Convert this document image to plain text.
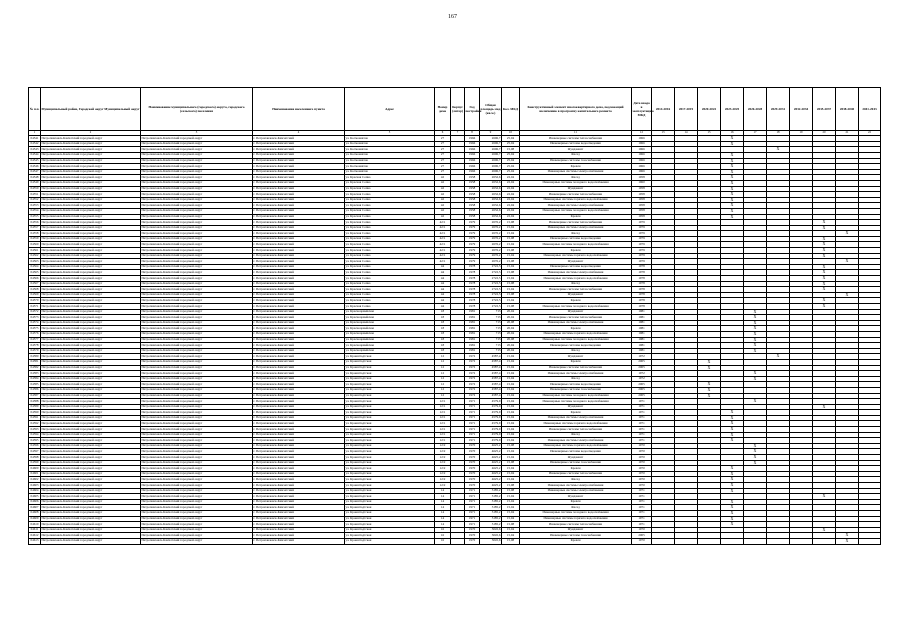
167
№ п.п.	Муниципальный район, Городской округ Муниципальный округ	Наименование муниципального (городского) округа, городского (сельского) поселения	Наименование населенного пункта	Адрес	Номер дома	Корпус (литер)	Год постройки	Общая площадь мкд (кв.м.)	Кол. МКД	Конструктивный элемент многоквартирного дома, подлежащий включению в программу капитального ремонта	Дата ввода в эксплуатацию МКД	2014-2016	2017-2019	2020-2022	2023-2025	2026-2028	2029-2031	2032-2034	2035-2037	2038-2040	2041-2043
1	2	3	4	5	6	7	8	9	10	11	12	13	14	15	16	17	18	19	20	21	22
04541	Петропавловск-Камчатский городской округ	Петропавловск-Камчатский городской округ	г. Петропавловск-Камчатский	ул. Космонавтов	27		1966	2606,7	25,04	Инженерные системы теплоснабжения	1966				X						
04542	Петропавловск-Камчатский городской округ	Петропавловск-Камчатский городской округ	г. Петропавловск-Камчатский	ул. Космонавтов	27		1966	2606,7	25,04	Инженерные системы водоотведения	1966				X						
04543	Петропавловск-Камчатский городской округ	Петропавловск-Камчатский городской округ	г. Петропавловск-Камчатский	ул. Космонавтов	27		1966	2606,7	15,08	Фундамент	1966						X				
04544	Петропавловск-Камчатский городской округ	Петропавловск-Камчатский городской округ	г. Петропавловск-Камчатский	ул. Космонавтов	27		1966	2606,7	25,04	Фасад	1966				X						
04545	Петропавловск-Камчатский городской округ	Петропавловск-Камчатский городской округ	г. Петропавловск-Камчатский	ул. Космонавтов	27		1966	2606,7	25,04	Инженерные системы газоснабжения	1966				X						
04546	Петропавловск-Камчатский городской округ	Петропавловск-Камчатский городской округ	г. Петропавловск-Камчатский	ул. Космонавтов	27		1966	2606,7	25,04	Кровля	1966				X						
04547	Петропавловск-Камчатский городской округ	Петропавловск-Камчатский городской округ	г. Петропавловск-Камчатский	ул. Космонавтов	27		1966	2606,7	25,04	Инженерные системы электроснабжения	1966				X						
04548	Петропавловск-Камчатский городской округ	Петропавловск-Камчатский городской округ	г. Петропавловск-Камчатский	ул. Красная Сопка	42		1958	2632,6	22,04	Фасад	1958				X						
04549	Петропавловск-Камчатский городской округ	Петропавловск-Камчатский городской округ	г. Петропавловск-Камчатский	ул. Красная Сопка	42		1958	2632,6	22,04	Инженерные системы холодного водоснабжения	1960				X						
04550	Петропавловск-Камчатский городской округ	Петропавловск-Камчатский городской округ	г. Петропавловск-Камчатский	ул. Красная Сопка	42		1958	2632,6	22,04	Фундамент	1958				X						
04551	Петропавловск-Камчатский городской округ	Петропавловск-Камчатский городской округ	г. Петропавловск-Камчатский	ул. Красная Сопка	42		1958	2632,6	22,04	Инженерные системы теплоснабжения	1958				X						
04552	Петропавловск-Камчатский городской округ	Петропавловск-Камчатский городской округ	г. Петропавловск-Камчатский	ул. Красная Сопка	42		1958	2632,6	22,04	Инженерные системы горячего водоснабжения	1958				X						
04553	Петропавловск-Камчатский городской округ	Петропавловск-Камчатский городской округ	г. Петропавловск-Камчатский	ул. Красная Сопка	42		1958	2632,6	22,04	Инженерные системы электроснабжения	1958				X						
04554	Петропавловск-Камчатский городской округ	Петропавловск-Камчатский городской округ	г. Петропавловск-Камчатский	ул. Красная Сопка	42		1958	2632,6	22,04	Инженерные системы холодного водоснабжения	1958				X						
04555	Петропавловск-Камчатский городской округ	Петропавловск-Камчатский городской округ	г. Петропавловск-Камчатский	ул. Красная Сопка	42		1958	2632,6	22,04	Кровля	1958				X						
04556	Петропавловск-Камчатский городской округ	Петропавловск-Камчатский городской округ	г. Петропавловск-Камчатский	ул. Красная Сопка	42/1		1979	2676,2	15,08	Инженерные системы теплоснабжения	1979								X		
04557	Петропавловск-Камчатский городской округ	Петропавловск-Камчатский городской округ	г. Петропавловск-Камчатский	ул. Красная Сопка	42/1		1979	2676,2	15,04	Инженерные системы электроснабжения	1979								X		
04558	Петропавловск-Камчатский городской округ	Петропавловск-Камчатский городской округ	г. Петропавловск-Камчатский	ул. Красная Сопка	42/1		1979	2676,2	15,04	Фасад	1979									X	
04559	Петропавловск-Камчатский городской округ	Петропавловск-Камчатский городской округ	г. Петропавловск-Камчатский	ул. Красная Сопка	42/1		1979	2676,2	15,08	Инженерные системы водоотведения	1979								X		
04560	Петропавловск-Камчатский городской округ	Петропавловск-Камчатский городской округ	г. Петропавловск-Камчатский	ул. Красная Сопка	42/1		1979	2676,2	15,04	Инженерные системы холодного водоснабжения	1979								X		
04561	Петропавловск-Камчатский городской округ	Петропавловск-Камчатский городской округ	г. Петропавловск-Камчатский	ул. Красная Сопка	42/1		1979	2676,2	15,08	Кровля	1979								X		
04562	Петропавловск-Камчатский городской округ	Петропавловск-Камчатский городской округ	г. Петропавловск-Камчатский	ул. Красная Сопка	42/1		1979	2676,2	15,04	Инженерные системы горячего водоснабжения	1979								X		
04563	Петропавловск-Камчатский городской округ	Петропавловск-Камчатский городской округ	г. Петропавловск-Камчатский	ул. Красная Сопка	42/1		1979	2676,2	15,08	Фундамент	1979									X	
04564	Петропавловск-Камчатский городской округ	Петропавловск-Камчатский городской округ	г. Петропавловск-Камчатский	ул. Красная Сопка	44		1978	2722,5	15,04	Инженерные системы водоотведения	1978								X		
04565	Петропавловск-Камчатский городской округ	Петропавловск-Камчатский городской округ	г. Петропавловск-Камчатский	ул. Красная Сопка	44		1978	2722,5	15,08	Инженерные системы электроснабжения	1978								X		
04566	Петропавловск-Камчатский городской округ	Петропавловск-Камчатский городской округ	г. Петропавловск-Камчатский	ул. Красная Сопка	44		1978	2722,5	15,04	Инженерные системы горячего водоснабжения	1978								X		
04567	Петропавловск-Камчатский городской округ	Петропавловск-Камчатский городской округ	г. Петропавловск-Камчатский	ул. Красная Сопка	44		1978	2722,5	15,08	Фасад	1978								X		
04568	Петропавловск-Камчатский городской округ	Петропавловск-Камчатский городской округ	г. Петропавловск-Камчатский	ул. Красная Сопка	44		1978	2722,5	15,04	Инженерные системы теплоснабжения	1978								X		
04569	Петропавловск-Камчатский городской округ	Петропавловск-Камчатский городской округ	г. Петропавловск-Камчатский	ул. Красная Сопка	44		1978	2722,5	15,08	Фундамент	1978									X	
04570	Петропавловск-Камчатский городской округ	Петропавловск-Камчатский городской округ	г. Петропавловск-Камчатский	ул. Красная Сопка	44		1978	2722,5	15,04	Кровля	1978								X		
04571	Петропавловск-Камчатский городской округ	Петропавловск-Камчатский городской округ	г. Петропавловск-Камчатский	ул. Красная Сопка	44		1978	2722,5	15,08	Инженерные системы холодного водоснабжения	1978								X		
04572	Петропавловск-Камчатский городской округ	Петропавловск-Камчатский городской округ	г. Петропавловск-Камчатский	ул. Красноармейская	18		1981	713	20,04	Фундамент	1981					X					
04573	Петропавловск-Камчатский городской округ	Петропавловск-Камчатский городской округ	г. Петропавловск-Камчатский	ул. Красноармейская	18		1981	713	20,04	Инженерные системы теплоснабжения	1981					X					
04574	Петропавловск-Камчатский городской округ	Петропавловск-Камчатский городской округ	г. Петропавловск-Камчатский	ул. Красноармейская	18		1981	713	20,08	Инженерные системы электроснабжения	1981					X					
04575	Петропавловск-Камчатский городской округ	Петропавловск-Камчатский городской округ	г. Петропавловск-Камчатский	ул. Красноармейская	18		1981	713	20,04	Кровля	1981					X					
04576	Петропавловск-Камчатский городской округ	Петропавловск-Камчатский городской округ	г. Петропавловск-Камчатский	ул. Красноармейская	18		1981	713	20,04	Инженерные системы горячего водоснабжения	1981					X					
04577	Петропавловск-Камчатский городской округ	Петропавловск-Камчатский городской округ	г. Петропавловск-Камчатский	ул. Красноармейская	18		1981	713	20,08	Инженерные системы холодного водоснабжения	1981					X					
04578	Петропавловск-Камчатский городской округ	Петропавловск-Камчатский городской округ	г. Петропавловск-Камчатский	ул. Красноармейская	18		1981	713	20,04	Инженерные системы водоотведения	1981					X					
04579	Петропавловск-Камчатский городской округ	Петропавловск-Камчатский городской округ	г. Петропавловск-Камчатский	ул. Красноармейская	18		1981	713	20,04	Фасад	1981					X					
04580	Петропавловск-Камчатский городской округ	Петропавловск-Камчатский городской округ	г. Петропавловск-Камчатский	ул. Кронштадтская	12		1972	4587,4	15,04	Фундамент	1972						X				
04581	Петропавловск-Камчатский городской округ	Петропавловск-Камчатский городской округ	г. Петропавловск-Камчатский	ул. Кронштадтская	12		1972	4587,4	15,04	Кровля	2005			X							
04582	Петропавловск-Камчатский городской округ	Петропавловск-Камчатский городской округ	г. Петропавловск-Камчатский	ул. Кронштадтская	12		1972	4587,4	15,04	Инженерные системы теплоснабжения	2005			X							
04583	Петропавловск-Камчатский городской округ	Петропавловск-Камчатский городской округ	г. Петропавловск-Камчатский	ул. Кронштадтская	12		1972	4587,4	15,04	Инженерные системы электроснабжения	1972					X					
04584	Петропавловск-Камчатский городской округ	Петропавловск-Камчатский городской округ	г. Петропавловск-Камчатский	ул. Кронштадтская	12		1972	4587,4	15,04	Фасад	1972					X					
04585	Петропавловск-Камчатский городской округ	Петропавловск-Камчатский городской округ	г. Петропавловск-Камчатский	ул. Кронштадтская	12		1972	4587,4	15,04	Инженерные системы водоотведения	2005			X							
04586	Петропавловск-Камчатский городской округ	Петропавловск-Камчатский городской округ	г. Петропавловск-Камчатский	ул. Кронштадтская	12		1972	4587,4	15,04	Инженерные системы газоснабжения	2005			X							
04587	Петропавловск-Камчатский городской округ	Петропавловск-Камчатский городской округ	г. Петропавловск-Камчатский	ул. Кронштадтская	12		1972	4587,4	15,04	Инженерные системы холодного водоснабжения	2005			X							
04588	Петропавловск-Камчатский городской округ	Петропавловск-Камчатский городской округ	г. Петропавловск-Камчатский	ул. Кронштадтская	12/1		1971	4579,9	15,04	Инженерные системы холодного водоснабжения	1971					X					
04589	Петропавловск-Камчатский городской округ	Петропавловск-Камчатский городской округ	г. Петропавловск-Камчатский	ул. Кронштадтская	12/1		1971	4579,9	15,04	Фундамент	1971								X		
04590	Петропавловск-Камчатский городской округ	Петропавловск-Камчатский городской округ	г. Петропавловск-Камчатский	ул. Кронштадтская	12/1		1971	4579,9	15,04	Кровля	1971				X						
04591	Петропавловск-Камчатский городской округ	Петропавловск-Камчатский городской округ	г. Петропавловск-Камчатский	ул. Кронштадтская	12/1		1971	4579,9	15,04	Инженерные системы электроснабжения	1971				X						
04592	Петропавловск-Камчатский городской округ	Петропавловск-Камчатский городской округ	г. Петропавловск-Камчатский	ул. Кронштадтская	12/1		1971	4579,9	15,04	Инженерные системы горячего водоснабжения	1971				X						
04593	Петропавловск-Камчатский городской округ	Петропавловск-Камчатский городской округ	г. Петропавловск-Камчатский	ул. Кронштадтская	12/1		1971	4579,9	15,04	Инженерные системы теплоснабжения	1971				X						
04594	Петропавловск-Камчатский городской округ	Петропавловск-Камчатский городской округ	г. Петропавловск-Камчатский	ул. Кронштадтская	12/1		1971	4579,9	15,04	Фасад	1971				X						
04595	Петропавловск-Камчатский городской округ	Петропавловск-Камчатский городской округ	г. Петропавловск-Камчатский	ул. Кронштадтская	12/1		1971	4579,9	15,04	Инженерные системы электроснабжения	1971				X						
04596	Петропавловск-Камчатский городской округ	Петропавловск-Камчатский городской округ	г. Петропавловск-Камчатский	ул. Кронштадтская	12/2		1970	4625,2	15,08	Инженерные системы горячего водоснабжения	1970					X					
04597	Петропавловск-Камчатский городской округ	Петропавловск-Камчатский городской округ	г. Петропавловск-Камчатский	ул. Кронштадтская	12/2		1970	4625,2	15,04	Инженерные системы водоотведения	1970					X					
04598	Петропавловск-Камчатский городской округ	Петропавловск-Камчатский городской округ	г. Петропавловск-Камчатский	ул. Кронштадтская	12/2		1970	4625,2	15,04	Фундамент	1970					X					
04599	Петропавловск-Камчатский городской округ	Петропавловск-Камчатский городской округ	г. Петропавловск-Камчатский	ул. Кронштадтская	12/2		1970	4625,2	15,08	Инженерные системы газоснабжения	1970					X					
04600	Петропавловск-Камчатский городской округ	Петропавловск-Камчатский городской округ	г. Петропавловск-Камчатский	ул. Кронштадтская	12/2		1970	4625,2	15,04	Кровля	1970				X						
04601	Петропавловск-Камчатский городской округ	Петропавловск-Камчатский городской округ	г. Петропавловск-Камчатский	ул. Кронштадтская	12/2		1970	4625,2	15,04	Инженерные системы теплоснабжения	1970				X						
04602	Петропавловск-Камчатский городской округ	Петропавловск-Камчатский городской округ	г. Петропавловск-Камчатский	ул. Кронштадтская	12/2		1970	4625,2	15,04	Фасад	1970				X						
04603	Петропавловск-Камчатский городской округ	Петропавловск-Камчатский городской округ	г. Петропавловск-Камчатский	ул. Кронштадтская	12/2		1970	4625,2	15,08	Инженерные системы электроснабжения	1970				X						
04604	Петропавловск-Камчатский городской округ	Петропавловск-Камчатский городской округ	г. Петропавловск-Камчатский	ул. Кронштадтская	14		1971	3185,2	15,08	Инженерные системы электроснабжения	1971				X						
04605	Петропавловск-Камчатский городской округ	Петропавловск-Камчатский городской округ	г. Петропавловск-Камчатский	ул. Кронштадтская	14		1971	3185,2	15,04	Фундамент	1971								X		
04606	Петропавловск-Камчатский городской округ	Петропавловск-Камчатский городской округ	г. Петропавловск-Камчатский	ул. Кронштадтская	14		1971	3185,2	15,04	Кровля	1971				X						
04607	Петропавловск-Камчатский городской округ	Петропавловск-Камчатский городской округ	г. Петропавловск-Камчатский	ул. Кронштадтская	14		1971	3185,2	15,04	Фасад	1971				X						
04608	Петропавловск-Камчатский городской округ	Петропавловск-Камчатский городской округ	г. Петропавловск-Камчатский	ул. Кронштадтская	14		1971	3185,2	15,04	Инженерные системы холодного водоснабжения	1971				X						
04609	Петропавловск-Камчатский городской округ	Петропавловск-Камчатский городской округ	г. Петропавловск-Камчатский	ул. Кронштадтская	14		1971	3185,2	15,04	Инженерные системы горячего водоснабжения	1971				X						
04610	Петропавловск-Камчатский городской округ	Петропавловск-Камчатский городской округ	г. Петропавловск-Камчатский	ул. Кронштадтская	14		1971	3185,2	15,08	Инженерные системы теплоснабжения	1971				X						
04611	Петропавловск-Камчатский городской округ	Петропавловск-Камчатский городской округ	г. Петропавловск-Камчатский	ул. Кронштадтская	16		1970	3045,6	15,04	Фундамент	1970								X		
04612	Петропавловск-Камчатский городской округ	Петропавловск-Камчатский городской округ	г. Петропавловск-Камчатский	ул. Кронштадтская	16		1970	3045,6	15,04	Инженерные системы газоснабжения	2005									X	
04613	Петропавловск-Камчатский городской округ	Петропавловск-Камчатский городской округ	г. Петропавловск-Камчатский	ул. Кронштадтская	16		1970	3045,6	15,08	Кровля	1970									X	
